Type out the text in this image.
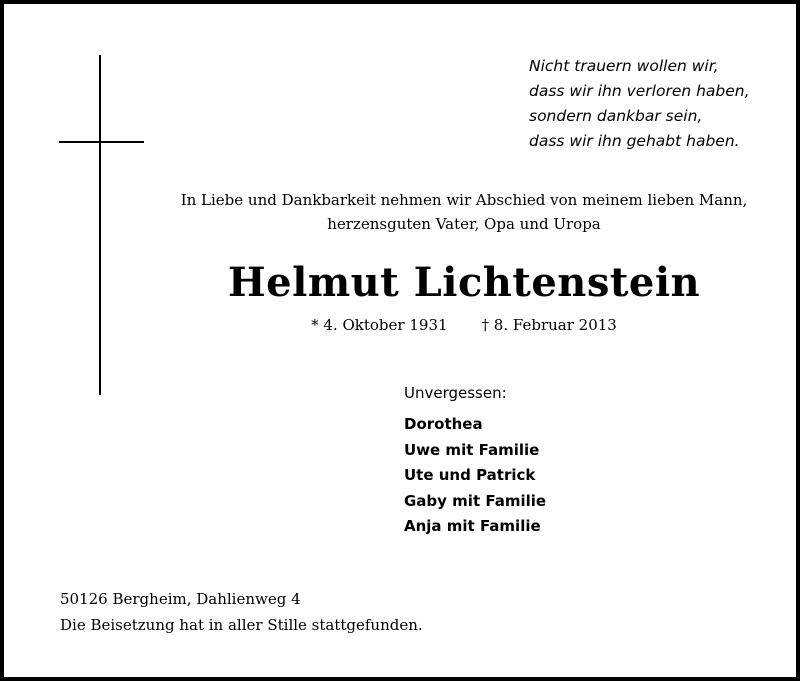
Nicht trauern wollen wir,
dass wir ihn verloren haben,
sondern dankbar sein,
dass wir ihn gehabt haben.
In Liebe und Dankbarkeit nehmen wir Abschied von meinem lieben Mann,
herzensguten Vater, Opa und Uropa
Helmut Lichtenstein
* 4. Oktober 1931 † 8. Februar 2013
Unvergessen:
Dorothea
Uwe mit Familie
Ute und Patrick
Gaby mit Familie
Anja mit Familie
50126 Bergheim, Dahlienweg 4
Die Beisetzung hat in aller Stille stattgefunden.
